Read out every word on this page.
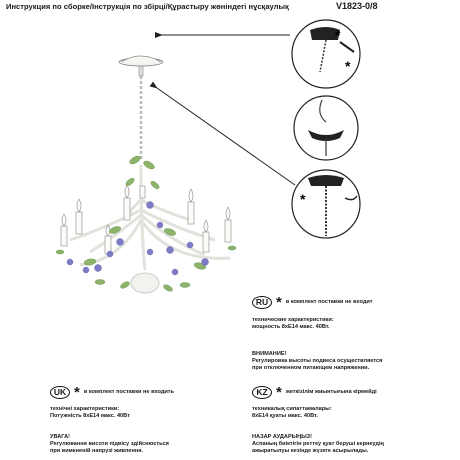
Инструкция по сборке/Інструкція по збірці/Құрастыру жөніндегі нұсқаулық	V1823-0/8
*
*
*
RU * в комплект поставки не входит
технические характеристики:
мощность 8хЕ14 макс. 40Вт.
ВНИМАНИЕ!
Регулировка высоты подвеса осуществляется
при отключенном питающем напряжении.
UK * в комплект поставки не входить
технічні характеристики:
Потужність 8хЕ14 макс. 40Вт
УВАГА!
Регулювання висоти підвісу здійснюється
при вимкненій напрузі живлення.
KZ * жеткізілім жиынтығына кірмейді
техникалық сипаттамалары:
8хЕ14 қуаты макс. 40Вт.
НАЗАР АУДАРЫҢЫЗ!
Аспаның биіктігін реттеу қуат беруші кернеудің
ажыратылуы кезінде жүзеге асырылады.
